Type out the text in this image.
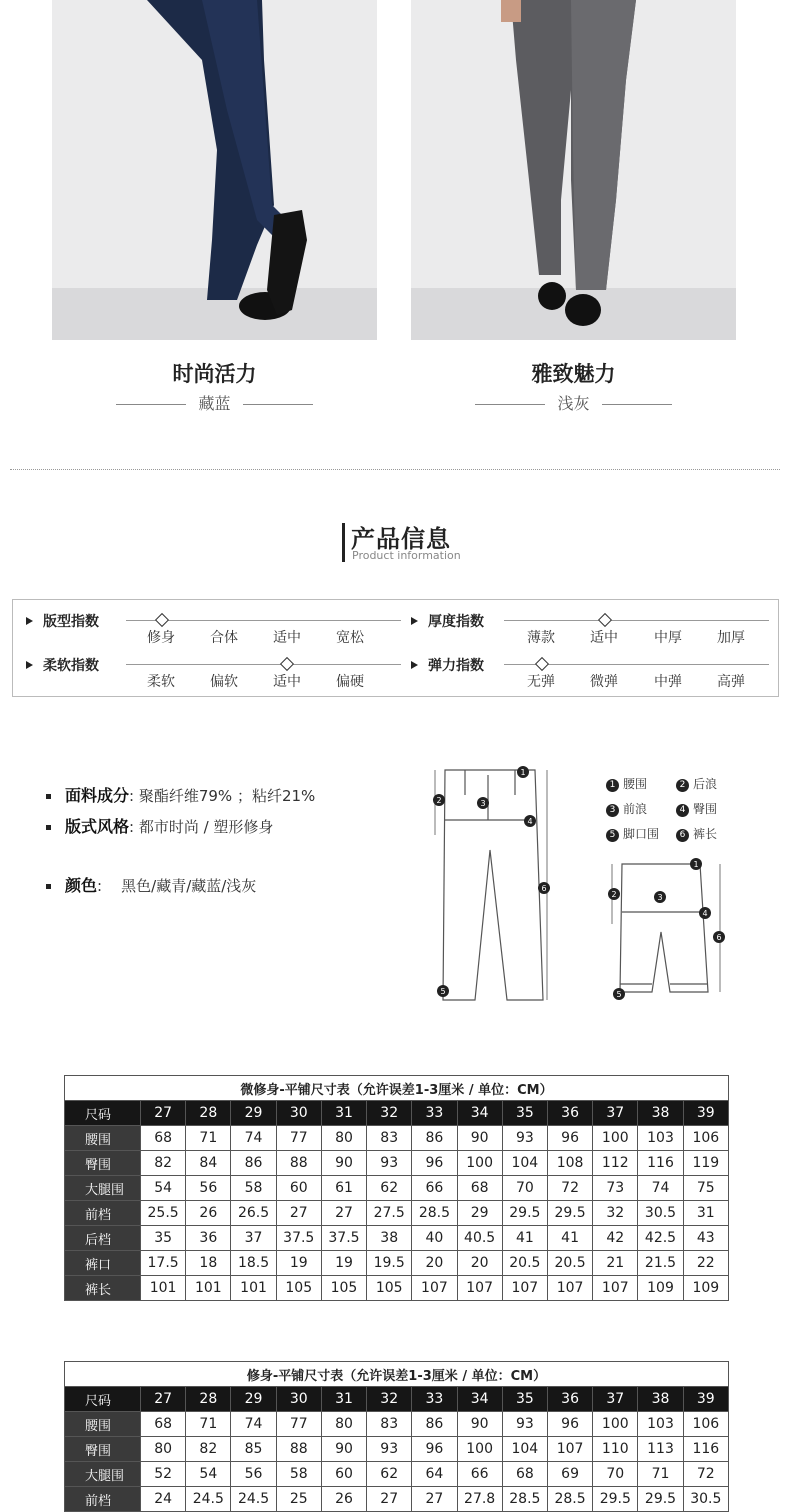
时尚活力
藏蓝
雅致魅力
浅灰
产品信息
Product information
版型指数
修身	合体	适中	宽松
厚度指数
薄款	适中	中厚	加厚
柔软指数
柔软	偏软	适中	偏硬
弹力指数
无弹	微弹	中弹	高弹
面料成分: 聚酯纤维79% ；粘纤21%
版式风格: 都市时尚 / 塑形修身
颜色:    黑色/藏青/藏蓝/浅灰
1
2	3
4
6
5
1 腰围	2 后浪
3 前浪	4 臀围
5 脚口围	6 裤长
1
2	3
4
6
5
微修身-平铺尺寸表（允许误差1-3厘米 / 单位：CM）													
尺码	27	28	29	30	31	32	33	34	35	36	37	38	39
腰围	68	71	74	77	80	83	86	90	93	96	100	103	106
臀围	82	84	86	88	90	93	96	100	104	108	112	116	119
大腿围	54	56	58	60	61	62	66	68	70	72	73	74	75
前档	25.5	26	26.5	27	27	27.5	28.5	29	29.5	29.5	32	30.5	31
后档	35	36	37	37.5	37.5	38	40	40.5	41	41	42	42.5	43
裤口	17.5	18	18.5	19	19	19.5	20	20	20.5	20.5	21	21.5	22
裤长	101	101	101	105	105	105	107	107	107	107	107	109	109
修身-平铺尺寸表（允许误差1-3厘米 / 单位：CM）													
尺码	27	28	29	30	31	32	33	34	35	36	37	38	39
腰围	68	71	74	77	80	83	86	90	93	96	100	103	106
臀围	80	82	85	88	90	93	96	100	104	107	110	113	116
大腿围	52	54	56	58	60	62	64	66	68	69	70	71	72
前档	24	24.5	24.5	25	26	27	27	27.8	28.5	28.5	29.5	29.5	30.5
